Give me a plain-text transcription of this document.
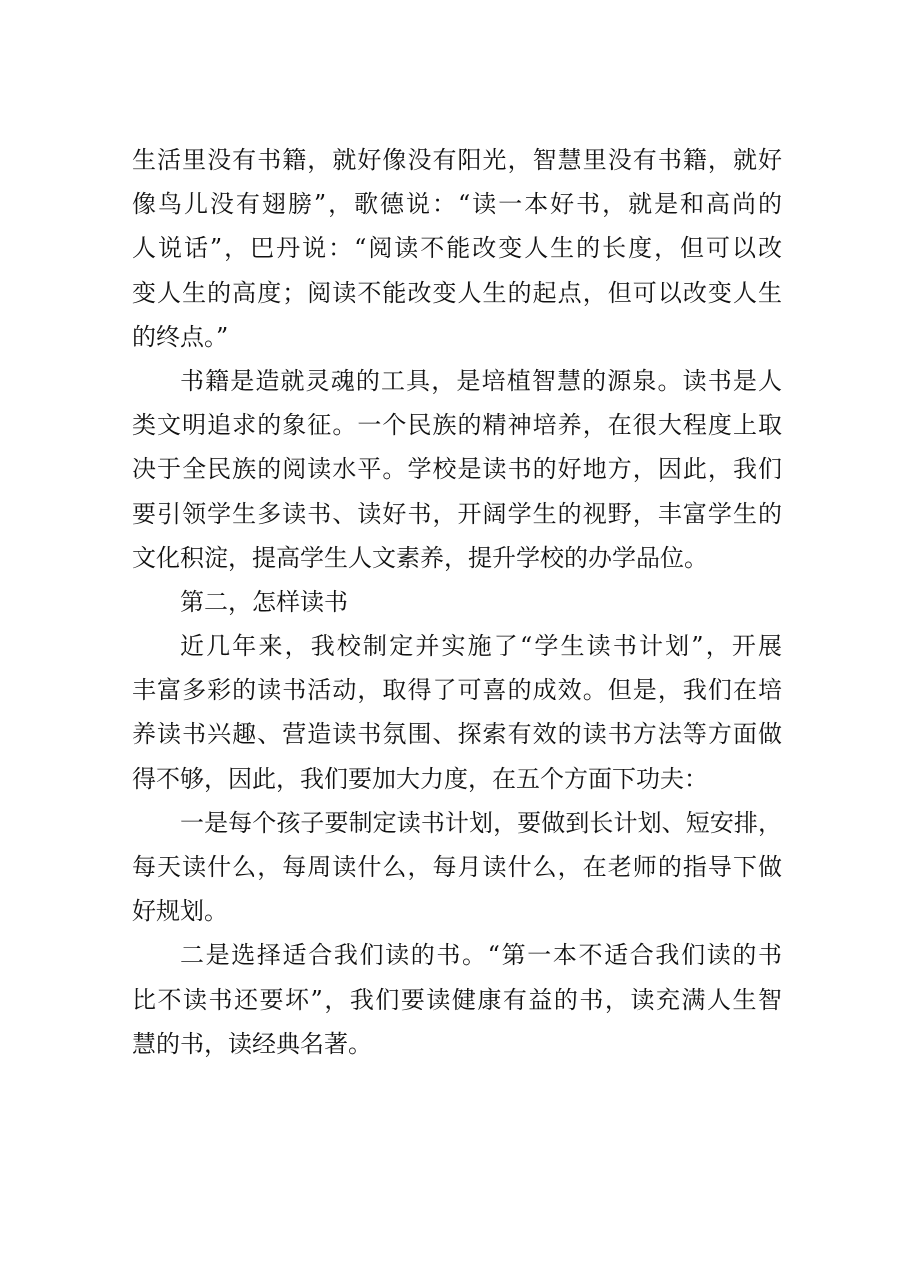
生活里没有书籍，就好像没有阳光，智慧里没有书籍，就好
像鸟儿没有翅膀”，歌德说：“读一本好书，就是和高尚的
人说话”，巴丹说：“阅读不能改变人生的长度，但可以改
变人生的高度；阅读不能改变人生的起点，但可以改变人生
的终点。”
书籍是造就灵魂的工具，是培植智慧的源泉。读书是人
类文明追求的象征。一个民族的精神培养，在很大程度上取
决于全民族的阅读水平。学校是读书的好地方，因此，我们
要引领学生多读书、读好书，开阔学生的视野，丰富学生的
文化积淀，提高学生人文素养，提升学校的办学品位。
第二，怎样读书
近几年来，我校制定并实施了“学生读书计划”，开展
丰富多彩的读书活动，取得了可喜的成效。但是，我们在培
养读书兴趣、营造读书氛围、探索有效的读书方法等方面做
得不够，因此，我们要加大力度，在五个方面下功夫：
一是每个孩子要制定读书计划，要做到长计划、短安排，
每天读什么，每周读什么，每月读什么，在老师的指导下做
好规划。
二是选择适合我们读的书。“第一本不适合我们读的书
比不读书还要坏”，我们要读健康有益的书，读充满人生智
慧的书，读经典名著。
